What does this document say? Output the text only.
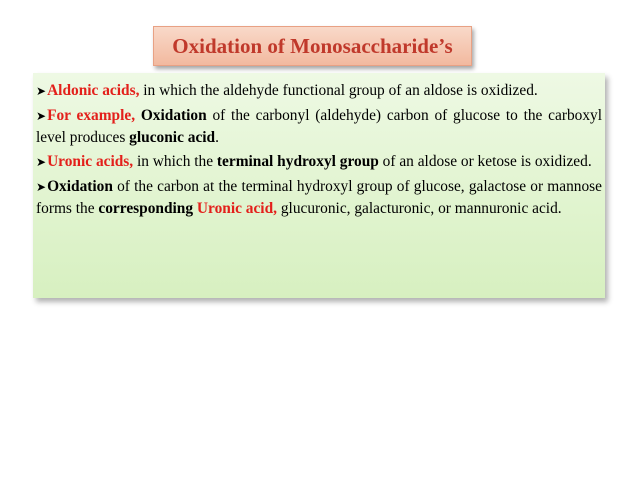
Oxidation of Monosaccharide’s

➤Aldonic acids, in which the aldehyde functional group of an aldose is oxidized.

➤For example, Oxidation of the carbonyl (aldehyde) carbon of glucose to the carboxyl level produces gluconic acid.

➤Uronic acids, in which the terminal hydroxyl group of an aldose or ketose is oxidized.

➤Oxidation of the carbon at the terminal hydroxyl group of glucose, galactose or mannose forms the corresponding Uronic acid, glucuronic, galacturonic, or mannuronic acid.
